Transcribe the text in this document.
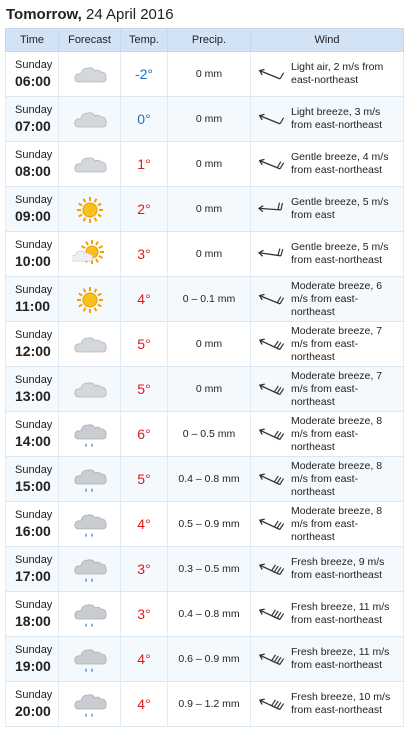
Tomorrow, 24 April 2016
Time	Forecast	Temp.	Precip.	Wind

Sunday
06:00		-2°	0 mm	Light air, 2 m/s from east-northeast

Sunday
07:00		0°	0 mm	Light breeze, 3 m/s from east-northeast

Sunday
08:00		1°	0 mm	Gentle breeze, 4 m/s from east-northeast

Sunday
09:00		2°	0 mm	Gentle breeze, 5 m/s from east

Sunday
10:00		3°	0 mm	Gentle breeze, 5 m/s from east-northeast

Sunday
11:00		4°	0 – 0.1 mm	Moderate breeze, 6 m/s from east-northeast

Sunday
12:00		5°	0 mm	Moderate breeze, 7 m/s from east-northeast

Sunday
13:00		5°	0 mm	Moderate breeze, 7 m/s from east-northeast

Sunday
14:00		6°	0 – 0.5 mm	Moderate breeze, 8 m/s from east-northeast

Sunday
15:00		5°	0.4 – 0.8 mm	Moderate breeze, 8 m/s from east-northeast

Sunday
16:00		4°	0.5 – 0.9 mm	Moderate breeze, 8 m/s from east-northeast

Sunday
17:00		3°	0.3 – 0.5 mm	Fresh breeze, 9 m/s from east-northeast

Sunday
18:00		3°	0.4 – 0.8 mm	Fresh breeze, 11 m/s from east-northeast

Sunday
19:00		4°	0.6 – 0.9 mm	Fresh breeze, 11 m/s from east-northeast

Sunday
20:00		4°	0.9 – 1.2 mm	Fresh breeze, 10 m/s from east-northeast
